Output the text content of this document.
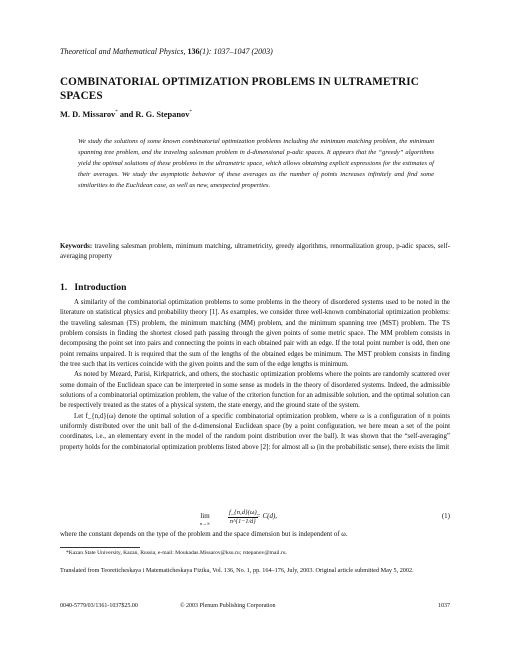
Theoretical and Mathematical Physics, 136(1): 1037–1047 (2003)
COMBINATORIAL OPTIMIZATION PROBLEMS IN ULTRAMETRIC SPACES
M. D. Missarov* and R. G. Stepanov*
We study the solutions of some known combinatorial optimization problems including the minimum matching problem, the minimum spanning tree problem, and the traveling salesman problem in d-dimensional p-adic spaces. It appears that the “greedy” algorithms yield the optimal solutions of these problems in the ultrametric space, which allows obtaining explicit expressions for the estimates of their averages. We study the asymptotic behavior of these averages as the number of points increases infinitely and find some similarities to the Euclidean case, as well as new, unexpected properties.
Keywords: traveling salesman problem, minimum matching, ultrametricity, greedy algorithms, renormalization group, p-adic spaces, self-averaging property
1. Introduction

A similarity of the combinatorial optimization problems to some problems in the theory of disordered systems used to be noted in the literature on statistical physics and probability theory [1]. As examples, we consider three well-known combinatorial optimization problems: the traveling salesman (TS) problem, the minimum matching (MM) problem, and the minimum spanning tree (MST) problem. The TS problem consists in finding the shortest closed path passing through the given points of some metric space. The MM problem consists in decomposing the point set into pairs and connecting the points in each obtained pair with an edge. If the total point number is odd, then one point remains unpaired. It is required that the sum of the lengths of the obtained edges be minimum. The MST problem consists in finding the tree such that its vertices coincide with the given points and the sum of the edge lengths is minimum.

As noted by Mezard, Parisi, Kirkpatrick, and others, the stochastic optimization problems where the points are randomly scattered over some domain of the Euclidean space can be interpreted in some sense as models in the theory of disordered systems. Indeed, the admissible solutions of a combinatorial optimization problem, the value of the criterion function for an admissible solution, and the optimal solution can be respectively treated as the states of a physical system, the state energy, and the ground state of the system.

Let f_{n,d}(ω) denote the optimal solution of a specific combinatorial optimization problem, where ω is a configuration of n points uniformly distributed over the unit ball of the d-dimensional Euclidean space (by a point configuration, we here mean a set of the point coordinates, i.e., an elementary event in the model of the random point distribution over the ball). It was shown that the “self-averaging” property holds for the combinatorial optimization problems listed above [2]: for almost all ω (in the probabilistic sense), there exists the limit

lim
n→∞	$\frac{f\_\{n,d\}(\omega)}{n\^{}\{1-1/d\}}$
= C(d),	(1)
where the constant depends on the type of the problem and the space dimension but is independent of ω.
*Kazan State University, Kazan, Russia, e-mail: Moukadas.Missarov@ksu.ru; rstepanov@mail.ru.
Translated from Teoreticheskaya i Matematicheskaya Fizika, Vol. 136, No. 1, pp. 164–176, July, 2003. Original article submitted May 5, 2002.
0040-5779/03/1361-1037$25.00	© 2003 Plenum Publishing Corporation	1037
